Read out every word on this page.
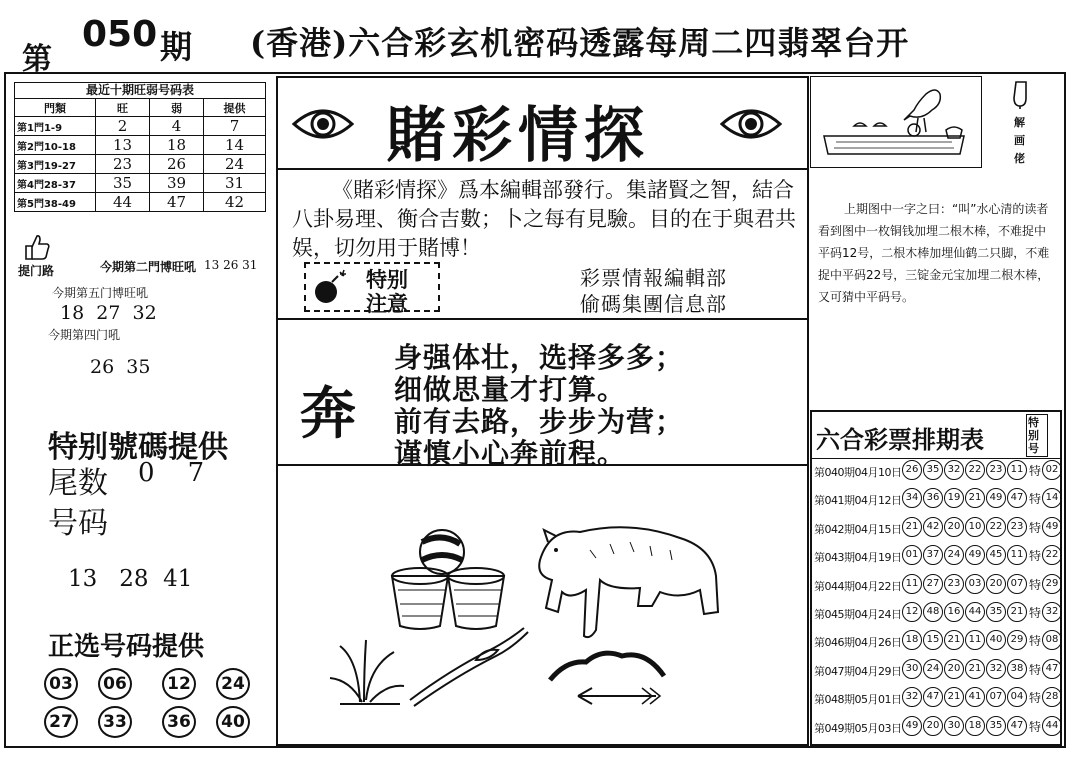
第
050 期 (香港)六合彩玄机密码透露每周二四翡翠台开
最近十期旺弱号码表
門類	旺	弱	提供
第1門1-9	2	4	7
第2門10-18	13	18	14
第3門19-27	23	26	24
第4門28-37	35	39	31
第5門38-49	44	47	42
提门路	今期第二門博旺吼 13 26 31
今期第五门博旺吼
18  27  32
今期第四门吼
26  35
特别號碼提供
尾数 0    7
号码
13   28  41
正选号码提供
03	06	12	24
27	33	36	40
賭彩情探
《賭彩情探》爲本編輯部發行。集諸賢之智，結合八卦易理、衡合吉數；卜之每有見驗。目的在于與君共娱，切勿用于賭博！
特别
注意
彩票情報編輯部
偷碼集團信息部
奔
身强体壮，选择多多；
细做思量才打算。
前有去路，步步为营；
谨慎小心奔前程。
解
画
佬
上期图中一字之曰：“叫”水心清的读者看到图中一枚铜钱加埋二根木棒，不难捉中平码12号，二根木棒加埋仙鹤二只脚，不难捉中平码22号，三锭金元宝加埋二根木棒，又可猜中平码号。
六合彩票排期表
特别号
第040期04月10日 26 35 32 22 23 11 特 02
第041期04月12日 34 36 19 21 49 47 特 14
第042期04月15日 21 42 20 10 22 23 特 49
第043期04月19日 01 37 24 49 45 11 特 22
第044期04月22日 11 27 23 03 20 07 特 29
第045期04月24日 12 48 16 44 35 21 特 32
第046期04月26日 18 15 21 11 40 29 特 08
第047期04月29日 30 24 20 21 32 38 特 47
第048期05月01日 32 47 21 41 07 04 特 28
第049期05月03日 49 20 30 18 35 47 特 44
